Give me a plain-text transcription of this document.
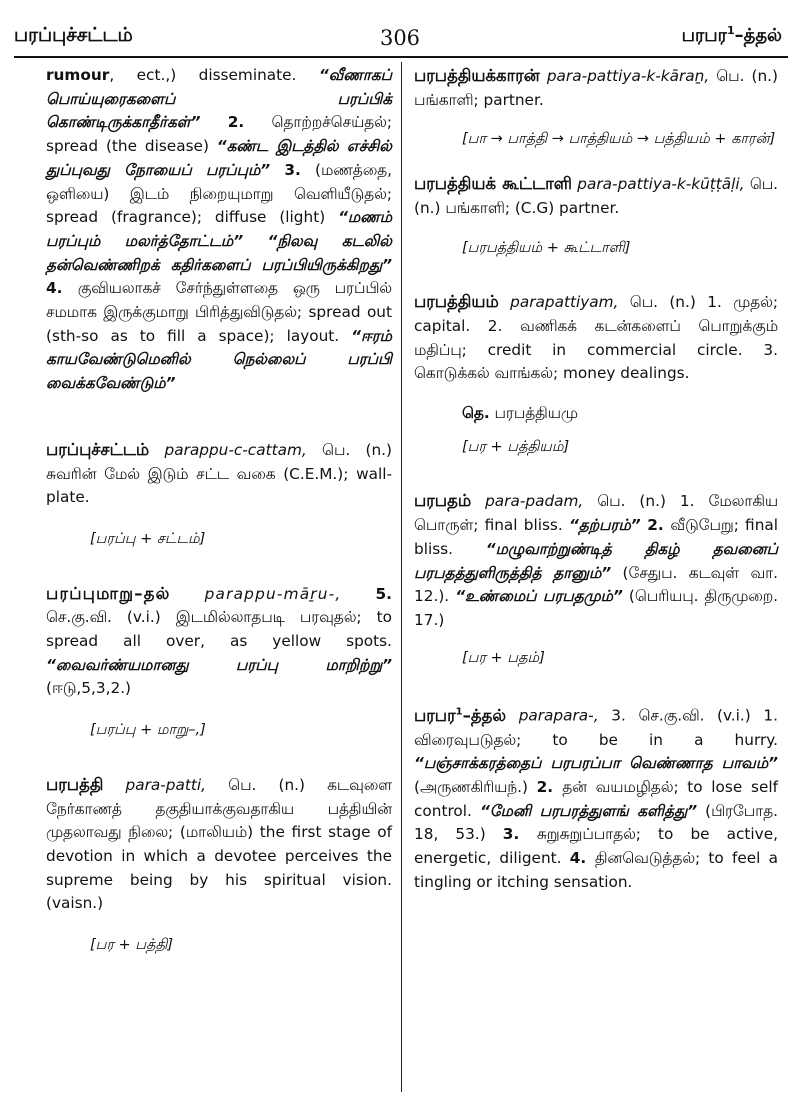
பரப்புச்சட்டம்	306	பரபர$^1$–த்தல்

rumour, ect.,) disseminate. “வீணாகப் பொய்யுரைகளைப் பரப்பிக் கொண்டிருக்காதீர்கள்” 2. தொற்றச்செய்தல்; spread (the disease) “கண்ட இடத்தில் எச்சில் துப்புவது நோயைப் பரப்பும்” 3. (மணத்தை, ஒளியை) இடம் நிறையுமாறு வெளியீடுதல்; spread (fragrance); diffuse (light) “மணம் பரப்பும் மலர்த்தோட்டம்” “நிலவு கடலில் தன்வெண்ணிறக் கதிர்களைப் பரப்பியிருக்கிறது” 4. குவியலாகச் சேர்ந்துள்ளதை ஒரு பரப்பில் சமமாக இருக்குமாறு பிரித்துவிடுதல்; spread out (sth-so as to fill a space); layout. “ஈரம் காயவேண்டுமெனில் நெல்லைப் பரப்பி வைக்கவேண்டும்”

பரப்புச்சட்டம் parappu-c-cattam, பெ. (n.) சுவரின் மேல் இடும் சட்ட வகை (C.E.M.); wall-plate.

[பரப்பு + சட்டம்]

பரப்புமாறு–தல் parappu-māṟu-, 5. செ.கு.வி. (v.i.) இடமில்லாதபடி பரவுதல்; to spread all over, as yellow spots. “வைவர்ண்யமானது பரப்பு மாறிற்று” (ஈடு,5,3,2.)

[பரப்பு + மாறு–,]

பரபத்தி para-patti, பெ. (n.) கடவுளை நேர்காணத் தகுதியாக்குவதாகிய பத்தியின் முதலாவது நிலை; (மாலியம்) the first stage of devotion in which a devotee perceives the supreme being by his spiritual vision. (vaisn.)

[பர + பத்தி]

பரபத்தியக்காரன் para-pattiya-k-kāraṉ, பெ. (n.) பங்காளி; partner.

[பா → பாத்தி → பாத்தியம் → பத்தியம் + காரன்]

பரபத்தியக் கூட்டாளி para-pattiya-k-kūṭṭāḷi, பெ. (n.) பங்காளி; (C.G) partner.

[பரபத்தியம் + கூட்டாளி]

பரபத்தியம் parapattiyam, பெ. (n.) 1. முதல்; capital. 2. வணிகக் கடன்களைப் பொறுக்கும் மதிப்பு; credit in commercial circle. 3. கொடுக்கல் வாங்கல்; money dealings.

தெ. பரபத்தியமு

[பர + பத்தியம்]

பரபதம் para-padam, பெ. (n.) 1. மேலாகிய பொருள்; final bliss. “தற்பரம்” 2. வீடுபேறு; final bliss. “மழுவாற்றுண்டித் திகழ் தவனைப் பரபதத்துளிருத்தித் தானும்” (சேதுப. கடவுள் வா. 12.). “உண்மைப் பரபதமும்” (பெரியபு. திருமுறை. 17.)

[பர + பதம்]

பரபர$^1$–த்தல் parapara-, 3. செ.கு.வி. (v.i.) 1. விரைவுபடுதல்; to be in a hurry. “பஞ்சாக்கரத்தைப் பரபரப்பா வெண்ணாத பாவம்” (அருணகிரியந்.) 2. தன் வயமழிதல்; to lose self control. “மேனி பரபரத்துளங் களித்து” (பிரபோத. 18, 53.) 3. சுறுசுறுப்பாதல்; to be active, energetic, diligent. 4. தினவெடுத்தல்; to feel a tingling or itching sensation.
